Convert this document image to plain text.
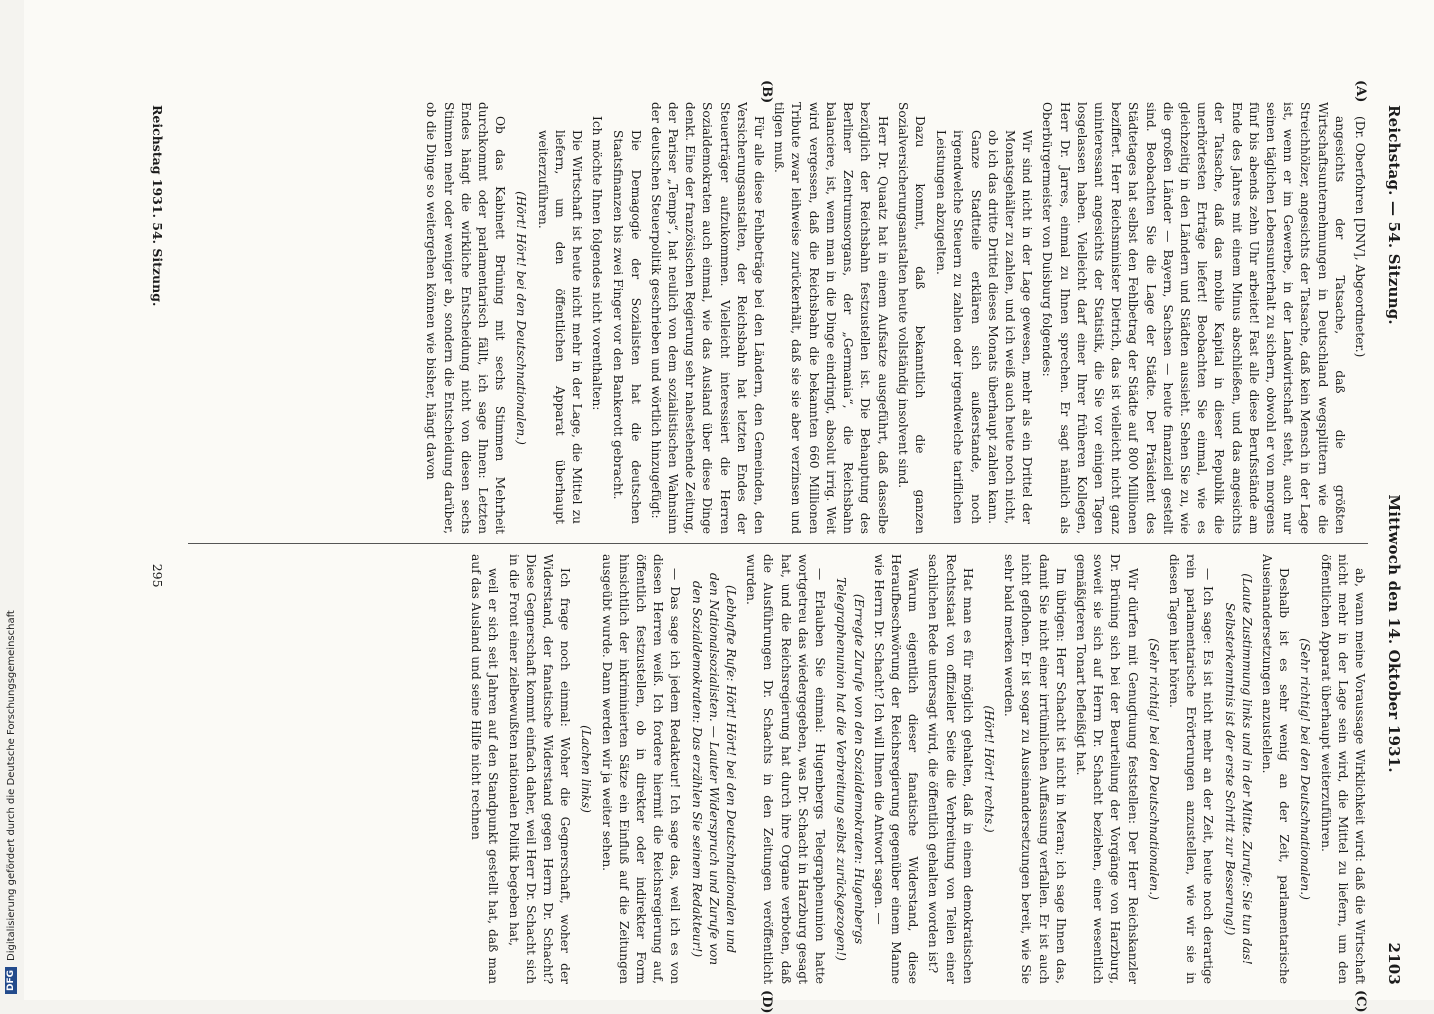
Reichstag. — 54. Sitzung.
Mittwoch den 14. Oktober 1931.
2103
(A)
(B)
(C)
(D)

(Dr. Oberfohren [DNV], Abgeordneter.)

angesichts der Tatsache, daß die größten Wirtschaftsunternehmungen in Deutschland wegsplittern wie die Streichhölzer, angesichts der Tatsache, daß kein Mensch in der Lage ist, wenn er im Gewerbe, in der Landwirtschaft steht, auch nur seinen täglichen Lebensunterhalt zu sichern, obwohl er von morgens fünf bis abends zehn Uhr arbeitet! Fast alle diese Berufsstände am Ende des Jahres mit einem Minus abschließen, und das angesichts der Tatsache, daß das mobile Kapital in dieser Republik die unerhörtesten Erträge liefert! Beobachten Sie einmal, wie es gleichzeitig in den Ländern und Städten aussieht. Sehen Sie zu, wie die großen Länder — Bayern, Sachsen — heute finanziell gestellt sind. Beobachten Sie die Lage der Städte. Der Präsident des Städtetages hat selbst den Fehlbetrag der Städte auf 800 Millionen beziffert. Herr Reichsminister Dietrich, das ist vielleicht nicht ganz uninteressant angesichts der Statistik, die Sie vor einigen Tagen losgelassen haben. Vielleicht darf einer Ihrer früheren Kollegen, Herr Dr. Jarres, einmal zu Ihnen sprechen. Er sagt nämlich als Oberbürgermeister von Duisburg folgendes:

Wir sind nicht in der Lage gewesen, mehr als ein Drittel der Monatsgehälter zu zahlen, und ich weiß auch heute noch nicht, ob ich das dritte Drittel dieses Monats überhaupt zahlen kann. Ganze Stadtteile erklären sich außerstande, noch irgendwelche Steuern zu zahlen oder irgendwelche tariflichen Leistungen abzugelten.

Dazu kommt, daß bekanntlich die ganzen Sozialversicherungsanstalten heute vollständig insolvent sind.

Herr Dr. Quaatz hat in einem Aufsatze ausgeführt, daß dasselbe bezüglich der Reichsbahn festzustellen ist. Die Behauptung des Berliner Zentrumsorgans, der „Germania“, die Reichsbahn balanciere, ist, wenn man in die Dinge eindringt, absolut irrig. Weit wird vergessen, daß die Reichsbahn die bekannten 660 Millionen Tribute zwar leihweise zurückerhält, daß sie sie aber verzinsen und tilgen muß.

Für alle diese Fehlbeträge bei den Ländern, den Gemeinden, den Versicherungsanstalten, der Reichsbahn hat letzten Endes der Steuerträger aufzukommen. Vielleicht interessiert die Herren Sozialdemokraten auch einmal, wie das Ausland über diese Dinge denkt. Eine der französischen Regierung sehr nahestehende Zeitung, der Pariser „Temps“, hat neulich von dem sozialistischen Wahnsinn der deutschen Steuerpolitik geschrieben und wörtlich hinzugefügt:

Die Demagogie der Sozialisten hat die deutschen Staatsfinanzen bis zwei Finger vor den Bankerott gebracht.

Ich möchte Ihnen folgendes nicht vorenthalten:

Die Wirtschaft ist heute nicht mehr in der Lage, die Mittel zu liefern, um den öffentlichen Apparat überhaupt weiterzuführen.

(Hört! Hört! bei den Deutschnationalen.)

Ob das Kabinett Brüning mit sechs Stimmen Mehrheit durchkommt oder parlamentarisch fällt, ich sage Ihnen: Letzten Endes hängt die wirkliche Entscheidung nicht von diesen sechs Stimmen mehr oder weniger ab, sondern die Entscheidung darüber, ob die Dinge so weitergehen können wie bisher, hängt davon

ab, wann meine Voraussage Wirklichkeit wird: daß die Wirtschaft nicht mehr in der Lage sein wird, die Mittel zu liefern, um den öffentlichen Apparat überhaupt weiterzuführen.

(Sehr richtig! bei den Deutschnationalen.)

Deshalb ist es sehr wenig an der Zeit, parlamentarische Auseinandersetzungen anzustellen.

(Laute Zustimmung links und in der Mitte. Zurufe: Sie tun das! Selbsterkenntnis ist der erste Schritt zur Besserung!)

— Ich sage: Es ist nicht mehr an der Zeit, heute noch derartige rein parlamentarische Erörterungen anzustellen, wie wir sie in diesen Tagen hier hören.

(Sehr richtig! bei den Deutschnationalen.)

Wir dürfen mit Genugtuung feststellen: Der Herr Reichskanzler Dr. Brüning sich bei der Beurteilung der Vorgänge von Harzburg, soweit sie sich auf Herrn Dr. Schacht beziehen, einer wesentlich gemäßigteren Tonart befleißigt hat.

Im übrigen: Herr Schacht ist nicht in Meran; ich sage Ihnen das, damit Sie nicht einer irrtümlichen Auffassung verfallen. Er ist auch nicht geflohen. Er ist sogar zu Auseinandersetzungen bereit, wie Sie sehr bald merken werden.

(Hört! Hört! rechts.)

Hat man es für möglich gehalten, daß in einem demokratischen Rechtsstaat von offizieller Seite die Verbreitung von Teilen einer sachlichen Rede untersagt wird, die öffentlich gehalten worden ist?

Warum eigentlich dieser fanatische Widerstand, diese Heraufbeschwörung der Reichsregierung gegenüber einem Manne wie Herrn Dr. Schacht? Ich will Ihnen die Antwort sagen. —

(Erregte Zurufe von den Sozialdemokraten: Hugenbergs Telegraphenunion hat die Verbreitung selbst zurückgezogen!)

— Erlauben Sie einmal: Hugenbergs Telegraphenunion hatte wortgetreu das wiedergegeben, was Dr. Schacht in Harzburg gesagt hat, und die Reichsregierung hat durch ihre Organe verboten, daß die Ausführungen Dr. Schachts in den Zeitungen veröffentlicht wurden.

(Lebhafte Rufe: Hört! Hört! bei den Deutschnationalen und den Nationalsozialisten. — Lauter Widerspruch und Zurufe von den Sozialdemokraten: Das erzählen Sie seinem Redakteur!)

— Das sage ich jedem Redakteur! Ich sage das, weil ich es von diesen Herren weiß. Ich fordere hiermit die Reichsregierung auf, öffentlich festzustellen, ob in direkter oder indirekter Form hinsichtlich der inkriminierten Sätze ein Einfluß auf die Zeitungen ausgeübt wurde. Dann werden wir ja weiter sehen.

(Lachen links)

Ich frage noch einmal: Woher die Gegnerschaft, woher der Widerstand, der fanatische Widerstand gegen Herrn Dr. Schacht? Diese Gegnerschaft kommt einfach daher, weil Herr Dr. Schacht sich in die Front einer zielbewußten nationalen Politik begeben hat,

weil er sich seit Jahren auf den Standpunkt gestellt hat, daß man auf das Ausland und seine Hilfe nicht rechnen

Reichstag 1931. 54. Sitzung.
295
DFG
Digitalisierung gefördert durch die Deutsche Forschungsgemeinschaft
